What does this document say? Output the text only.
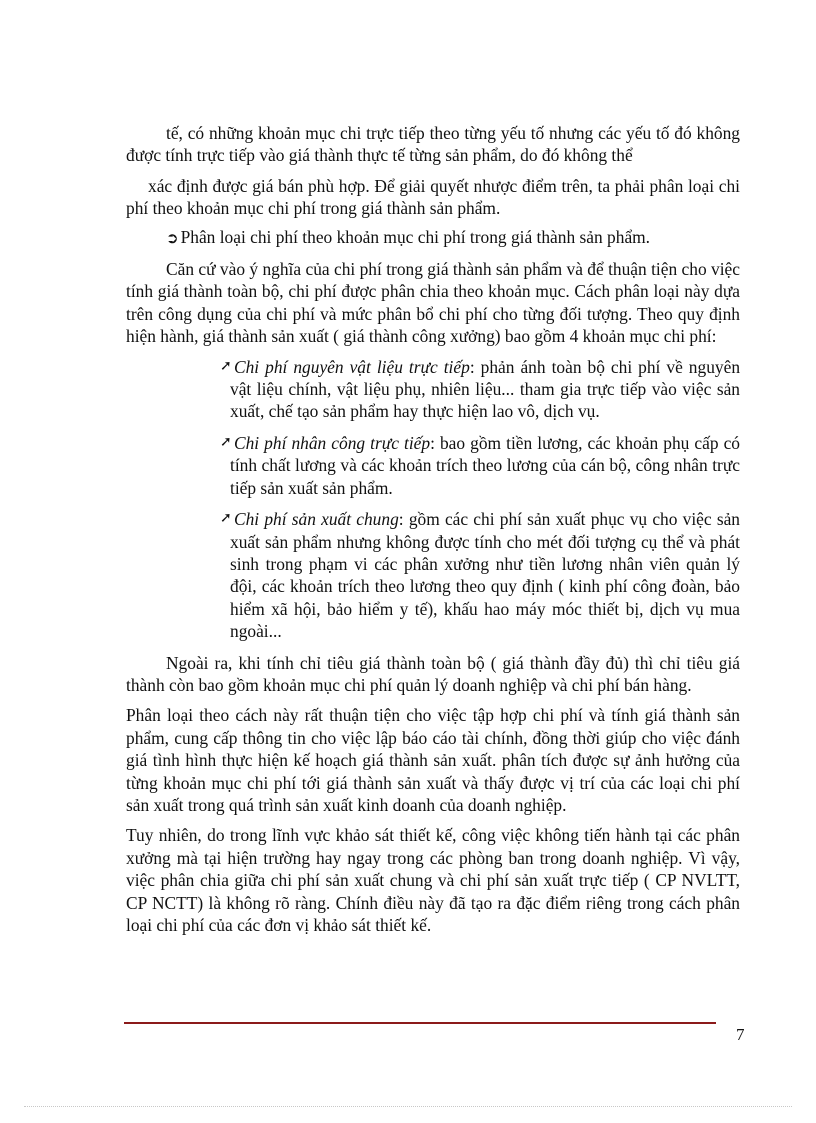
tế, có những khoản mục chi trực tiếp theo từng yếu tố nhưng các yếu tố đó không được tính trực tiếp vào giá thành thực tế từng sản phẩm, do đó không thể

xác định được giá bán phù hợp. Để giải quyết nhược điểm trên, ta phải phân loại chi phí theo khoản mục chi phí trong giá thành sản phẩm.

➲ Phân loại chi phí theo khoản mục chi phí trong giá thành sản phẩm.

Căn cứ vào ý nghĩa của chi phí trong giá thành sản phẩm và để thuận tiện cho việc tính giá thành toàn bộ, chi phí được phân chia theo khoản mục. Cách phân loại này dựa trên công dụng của chi phí và mức phân bổ chi phí cho từng đối tượng. Theo quy định hiện hành, giá thành sản xuất ( giá thành công xưởng) bao gồm 4 khoản mục chi phí:

➚ Chi phí nguyên vật liệu trực tiếp: phản ánh toàn bộ chi phí về nguyên vật liệu chính, vật liệu phụ, nhiên liệu... tham gia trực tiếp vào việc sản xuất, chế tạo sản phẩm hay thực hiện lao vô, dịch vụ.
➚ Chi phí nhân công trực tiếp: bao gồm tiền lương, các khoản phụ cấp có tính chất lương và các khoản trích theo lương của cán bộ, công nhân trực tiếp sản xuất sản phẩm.
➚ Chi phí sản xuất chung: gồm các chi phí sản xuất phục vụ cho việc sản xuất sản phẩm nhưng không được tính cho mét đối tượng cụ thể và phát sinh trong phạm vi các phân xưởng như tiền lương nhân viên quản lý đội, các khoản trích theo lương theo quy định ( kinh phí công đoàn, bảo hiểm xã hội, bảo hiểm y tế), khấu hao máy móc thiết bị, dịch vụ mua ngoài...

Ngoài ra, khi tính chỉ tiêu giá thành toàn bộ ( giá thành đầy đủ) thì chỉ tiêu giá thành còn bao gồm khoản mục chi phí quản lý doanh nghiệp và chi phí bán hàng.

Phân loại theo cách này rất thuận tiện cho việc tập hợp chi phí và tính giá thành sản phẩm, cung cấp thông tin cho việc lập báo cáo tài chính, đồng thời giúp cho việc đánh giá tình hình thực hiện kế hoạch giá thành sản xuất. phân tích được sự ảnh hưởng của từng khoản mục chi phí tới giá thành sản xuất và thấy được vị trí của các loại chi phí sản xuất trong quá trình sản xuất kinh doanh của doanh nghiệp.

Tuy nhiên, do trong lĩnh vực khảo sát thiết kế, công việc không tiến hành tại các phân xưởng mà tại hiện trường hay ngay trong các phòng ban trong doanh nghiệp. Vì vậy, việc phân chia giữa chi phí sản xuất chung và chi phí sản xuất trực tiếp ( CP NVLTT, CP NCTT) là không rõ ràng. Chính điều này đã tạo ra đặc điểm riêng trong cách phân loại chi phí của các đơn vị khảo sát thiết kế.

7
